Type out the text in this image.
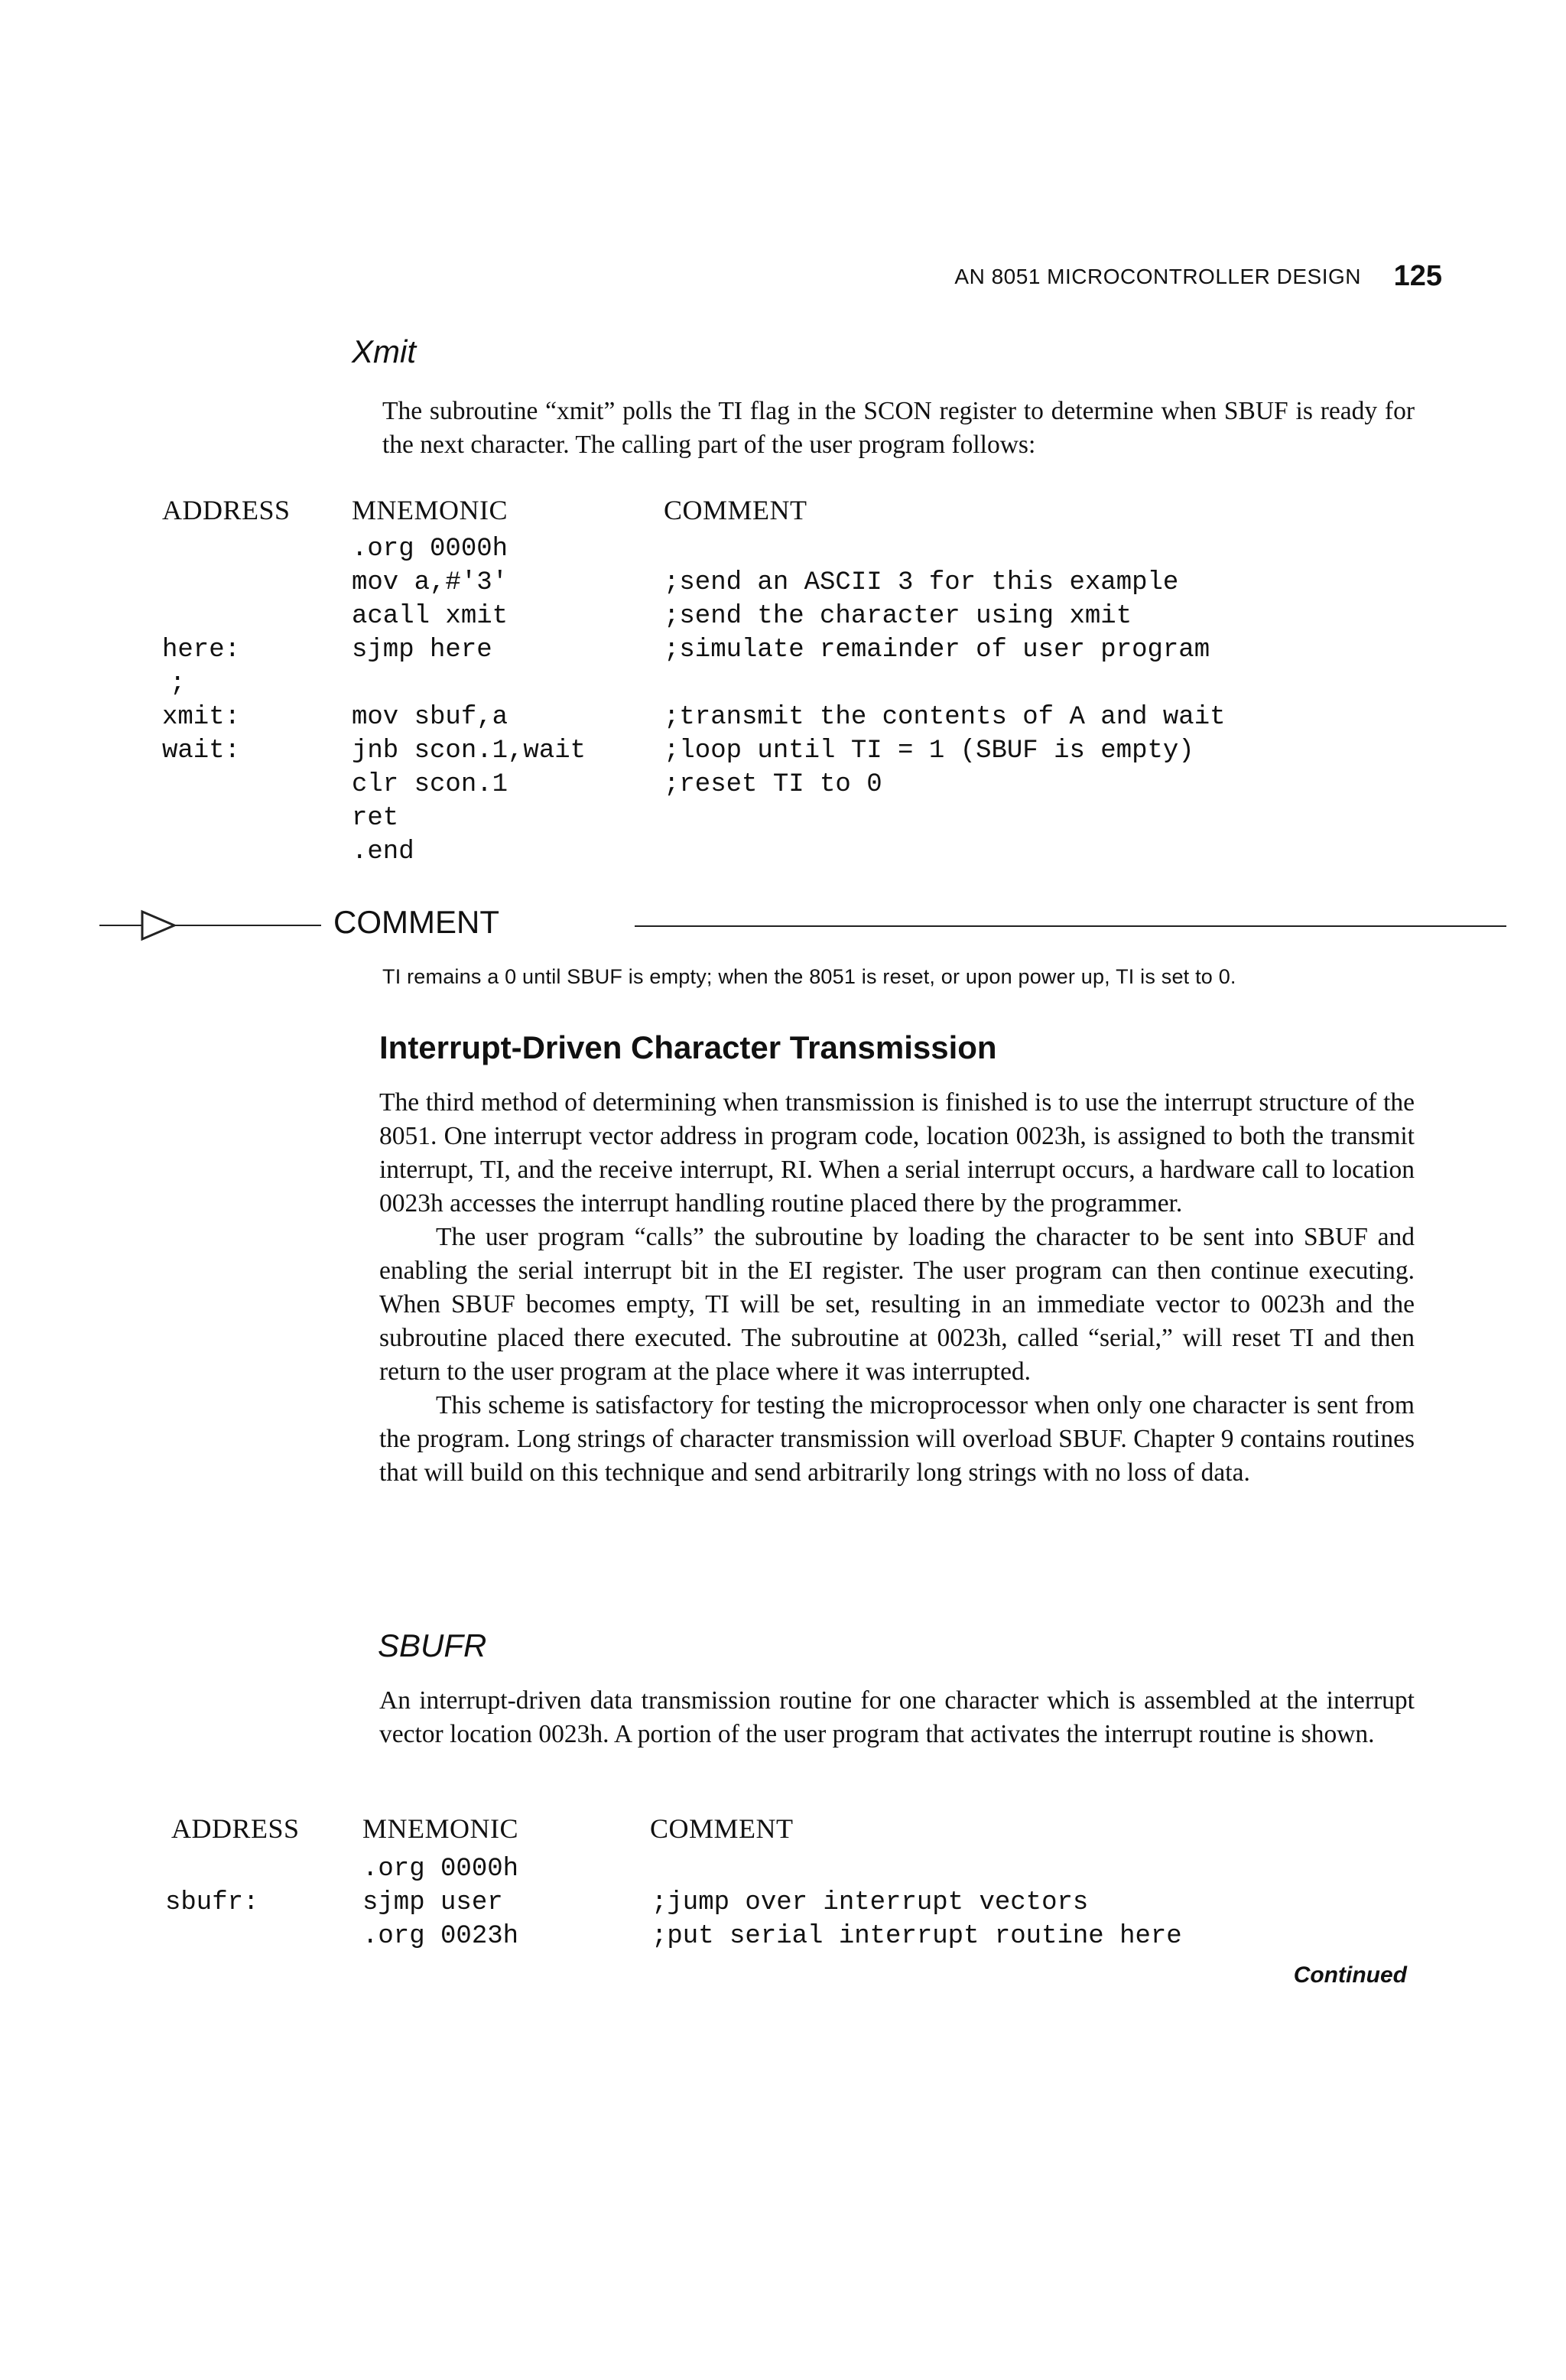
AN 8051 MICROCONTROLLER DESIGN	125
Xmit
The subroutine “xmit” polls the TI flag in the SCON register to determine when SBUF is ready for the next character. The calling part of the user program follows:
ADDRESS MNEMONIC	COMMENT
.org 0000h
mov a,#'3'	;send an ASCII 3 for this example
acall xmit	;send the character using xmit
here:	sjmp here	;simulate remainder of user program
;
xmit:	mov sbuf,a	;transmit the contents of A and wait
wait:	jnb scon.1,wait	;loop until TI = 1 (SBUF is empty)
clr scon.1	;reset TI to 0
ret
.end
COMMENT
TI remains a 0 until SBUF is empty; when the 8051 is reset, or upon power up, TI is set to 0.
Interrupt-Driven Character Transmission

The third method of determining when transmission is finished is to use the interrupt structure of the 8051. One interrupt vector address in program code, location 0023h, is assigned to both the transmit interrupt, TI, and the receive interrupt, RI. When a serial interrupt occurs, a hardware call to location 0023h accesses the interrupt handling routine placed there by the programmer.

The user program “calls” the subroutine by loading the character to be sent into SBUF and enabling the serial interrupt bit in the EI register. The user program can then continue executing. When SBUF becomes empty, TI will be set, resulting in an immediate vector to 0023h and the subroutine placed there executed. The subroutine at 0023h, called “serial,” will reset TI and then return to the user program at the place where it was interrupted.

This scheme is satisfactory for testing the microprocessor when only one character is sent from the program. Long strings of character transmission will overload SBUF. Chapter 9 contains routines that will build on this technique and send arbitrarily long strings with no loss of data.

SBUFR
An interrupt-driven data transmission routine for one character which is assembled at the interrupt vector location 0023h. A portion of the user program that activates the interrupt routine is shown.
ADDRESS MNEMONIC	COMMENT
.org 0000h
sbufr:	sjmp user	;jump over interrupt vectors
.org 0023h	;put serial interrupt routine here
Continued
